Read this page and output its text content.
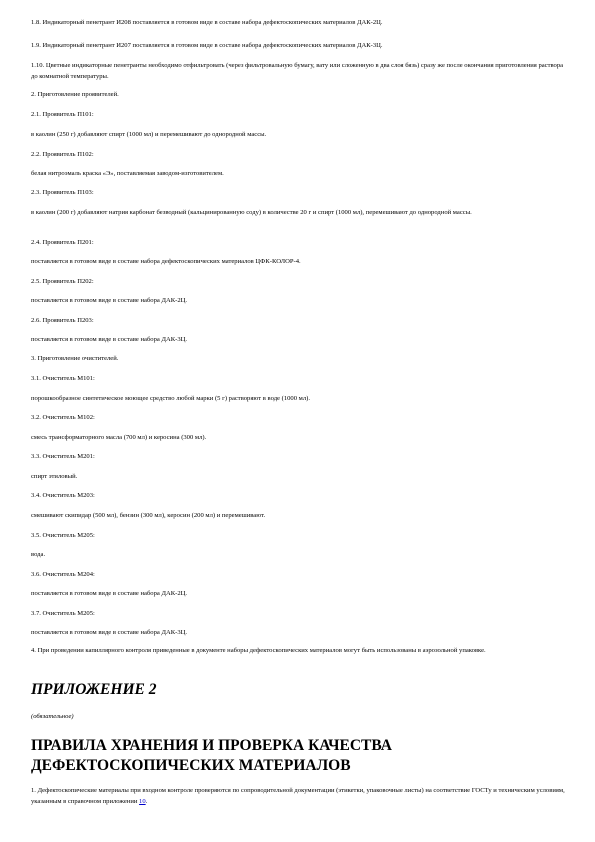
1.8. Индикаторный пенетрант И208 поставляется в готовом виде в составе набора дефектоскопических материалов ДАК-2Ц.
1.9. Индикаторный пенетрант И207 поставляется в готовом виде в составе набора дефектоскопических материалов ДАК-3Ц.
1.10. Цветные индикаторные пенетранты необходимо отфильтровать (через фильтровальную бумагу, вату или сложенную в два слоя бязь) сразу же после окончания приготовления раствора до комнатной температуры.
2. Приготовление проявителей.
2.1. Проявитель П101:
в каолин (250 г) добавляют спирт (1000 мл) и перемешивают до однородной массы.
2.2. Проявитель П102:
белая нитроэмаль краска «Э», поставляемая заводом-изготовителем.
2.3. Проявитель П103:
в каолин (200 г) добавляют натрия карбонат безводный (кальцинированную соду) в количестве 20 г и спирт (1000 мл), перемешивают до однородной массы.
2.4. Проявитель П201:
поставляется в готовом виде в составе набора дефектоскопических материалов ЦФК-КОЛОР-4.
2.5. Проявитель П202:
поставляется в готовом виде в составе набора ДАК-2Ц.
2.6. Проявитель П203:
поставляется в готовом виде в составе набора ДАК-3Ц.
3. Приготовление очистителей.
3.1. Очиститель М101:
порошкообразное синтетическое моющее средство любой марки (5 г) растворяют в воде (1000 мл).
3.2. Очиститель М102:
смесь трансформаторного масла (700 мл) и керосина (300 мл).
3.3. Очиститель М201:
спирт этиловый.
3.4. Очиститель М203:
смешивают скипидар (500 мл), бензин (300 мл), керосин (200 мл) и перемешивают.
3.5. Очиститель М205:
вода.
3.6. Очиститель М204:
поставляется в готовом виде в составе набора ДАК-2Ц.
3.7. Очиститель М205:
поставляется в готовом виде в составе набора ДАК-3Ц.
4. При проведении капиллярного контроля приведенные в документе наборы дефектоскопических материалов могут быть использованы в аэрозольной упаковке.
ПРИЛОЖЕНИЕ 2
(обязательное)
ПРАВИЛА ХРАНЕНИЯ И ПРОВЕРКА КАЧЕСТВА ДЕФЕКТОСКОПИЧЕСКИХ МАТЕРИАЛОВ
1. Дефектоскопические материалы при входном контроле проверяются по сопроводительной документации (этикетки, упаковочные листы) на соответствие ГОСТу и техническим условиям, указанным в справочном приложении 10.
